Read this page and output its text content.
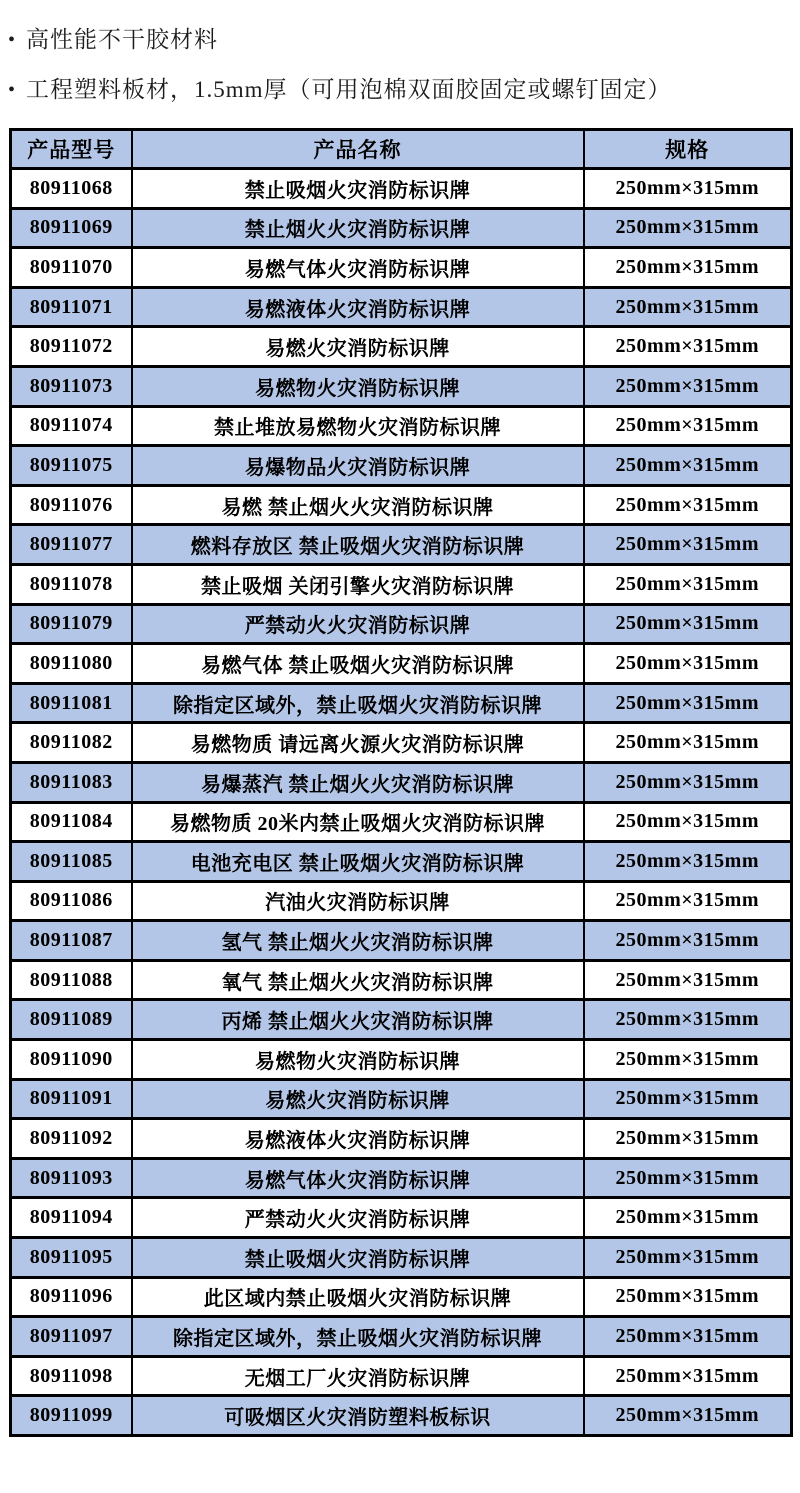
• 高性能不干胶材料
• 工程塑料板材，1.5mm厚（可用泡棉双面胶固定或螺钉固定）
产品型号	产品名称	规格
80911068	禁止吸烟火灾消防标识牌	250mm×315mm
80911069	禁止烟火火灾消防标识牌	250mm×315mm
80911070	易燃气体火灾消防标识牌	250mm×315mm
80911071	易燃液体火灾消防标识牌	250mm×315mm
80911072	易燃火灾消防标识牌	250mm×315mm
80911073	易燃物火灾消防标识牌	250mm×315mm
80911074	禁止堆放易燃物火灾消防标识牌	250mm×315mm
80911075	易爆物品火灾消防标识牌	250mm×315mm
80911076	易燃 禁止烟火火灾消防标识牌	250mm×315mm
80911077	燃料存放区 禁止吸烟火灾消防标识牌	250mm×315mm
80911078	禁止吸烟 关闭引擎火灾消防标识牌	250mm×315mm
80911079	严禁动火火灾消防标识牌	250mm×315mm
80911080	易燃气体 禁止吸烟火灾消防标识牌	250mm×315mm
80911081	除指定区域外，禁止吸烟火灾消防标识牌	250mm×315mm
80911082	易燃物质 请远离火源火灾消防标识牌	250mm×315mm
80911083	易爆蒸汽 禁止烟火火灾消防标识牌	250mm×315mm
80911084	易燃物质 20米内禁止吸烟火灾消防标识牌	250mm×315mm
80911085	电池充电区 禁止吸烟火灾消防标识牌	250mm×315mm
80911086	汽油火灾消防标识牌	250mm×315mm
80911087	氢气 禁止烟火火灾消防标识牌	250mm×315mm
80911088	氧气 禁止烟火火灾消防标识牌	250mm×315mm
80911089	丙烯 禁止烟火火灾消防标识牌	250mm×315mm
80911090	易燃物火灾消防标识牌	250mm×315mm
80911091	易燃火灾消防标识牌	250mm×315mm
80911092	易燃液体火灾消防标识牌	250mm×315mm
80911093	易燃气体火灾消防标识牌	250mm×315mm
80911094	严禁动火火灾消防标识牌	250mm×315mm
80911095	禁止吸烟火灾消防标识牌	250mm×315mm
80911096	此区域内禁止吸烟火灾消防标识牌	250mm×315mm
80911097	除指定区域外，禁止吸烟火灾消防标识牌	250mm×315mm
80911098	无烟工厂火灾消防标识牌	250mm×315mm
80911099	可吸烟区火灾消防塑料板标识	250mm×315mm
